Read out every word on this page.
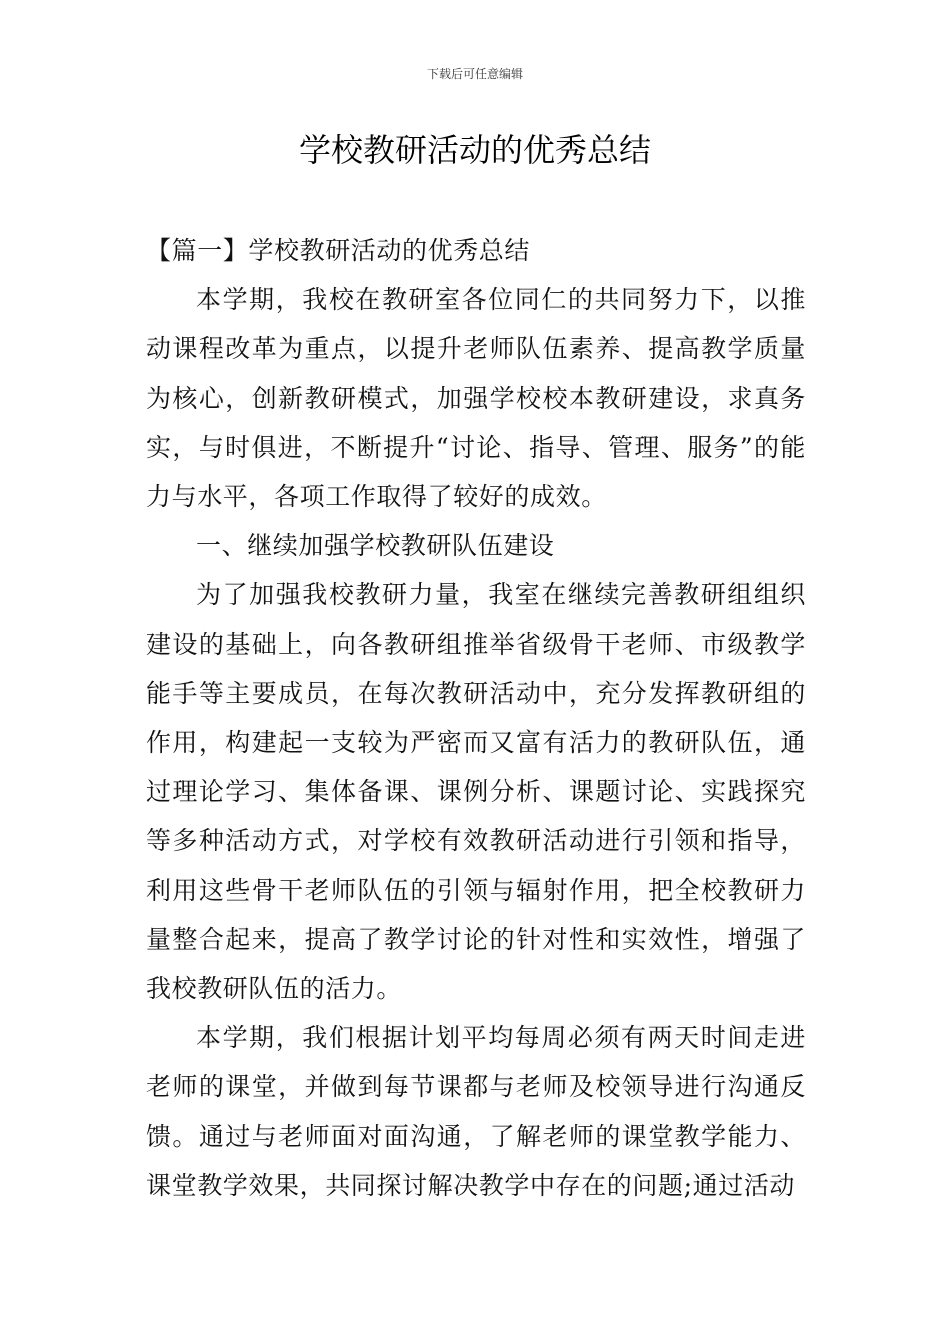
下载后可任意编辑
学校教研活动的优秀总结

【篇一】学校教研活动的优秀总结

本学期，我校在教研室各位同仁的共同努力下，以推动课程改革为重点，以提升老师队伍素养、提高教学质量为核心，创新教研模式，加强学校校本教研建设，求真务实，与时俱进，不断提升“讨论、指导、管理、服务”的能力与水平，各项工作取得了较好的成效。

一、继续加强学校教研队伍建设

为了加强我校教研力量，我室在继续完善教研组组织建设的基础上，向各教研组推举省级骨干老师、市级教学能手等主要成员，在每次教研活动中，充分发挥教研组的作用，构建起一支较为严密而又富有活力的教研队伍，通过理论学习、集体备课、课例分析、课题讨论、实践探究等多种活动方式，对学校有效教研活动进行引领和指导，利用这些骨干老师队伍的引领与辐射作用，把全校教研力量整合起来，提高了教学讨论的针对性和实效性，增强了我校教研队伍的活力。

本学期，我们根据计划平均每周必须有两天时间走进老师的课堂，并做到每节课都与老师及校领导进行沟通反馈。通过与老师面对面沟通，了解老师的课堂教学能力、课堂教学效果，共同探讨解决教学中存在的问题;通过活动
